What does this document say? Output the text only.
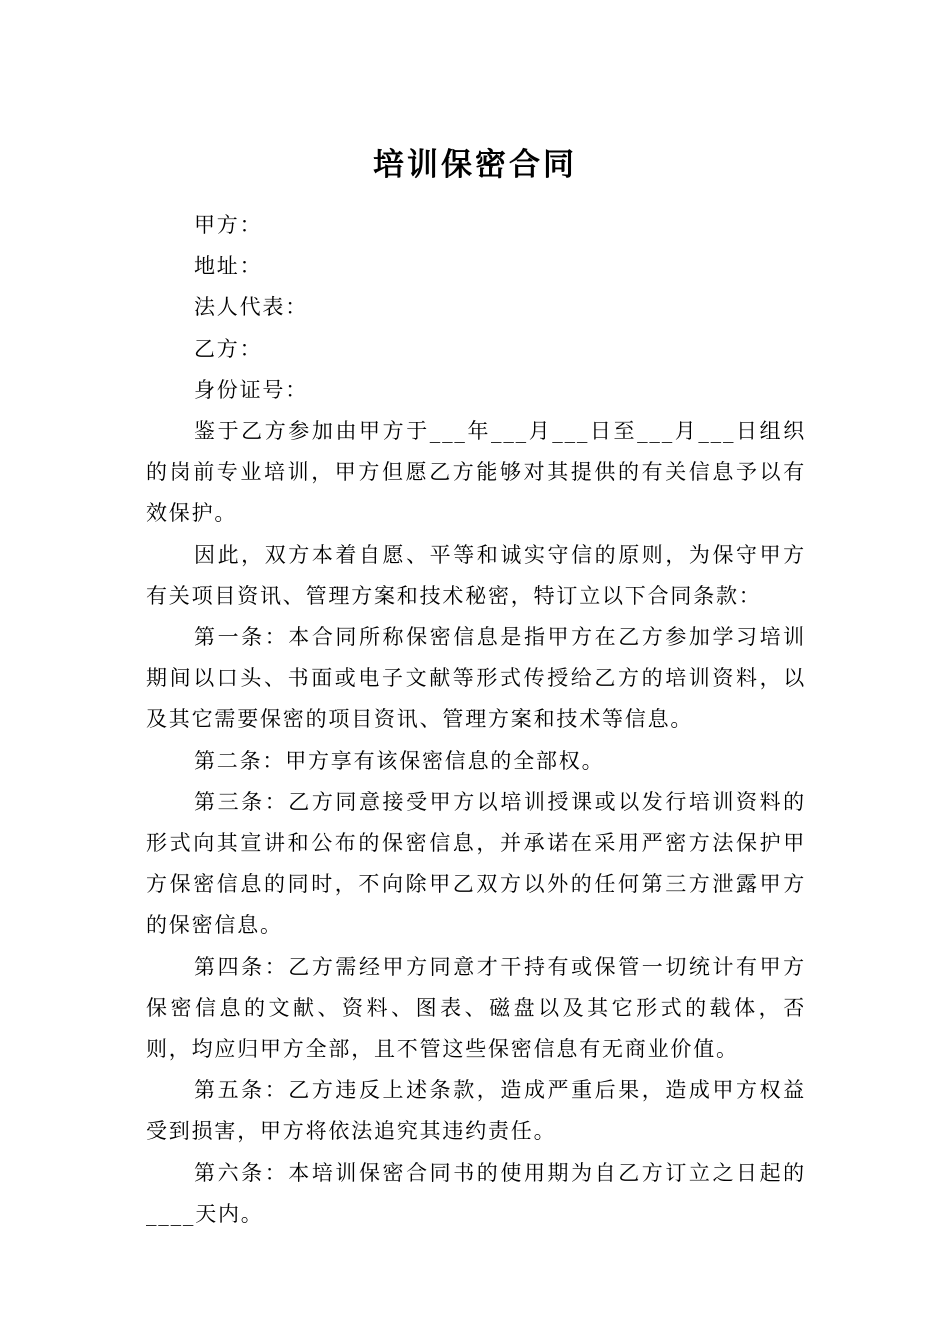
培训保密合同

甲方：

地址：

法人代表：

乙方：

身份证号：

鉴于乙方参加由甲方于___年___月___日至___月___日组织的岗前专业培训，甲方但愿乙方能够对其提供的有关信息予以有效保护。

因此，双方本着自愿、平等和诚实守信的原则，为保守甲方有关项目资讯、管理方案和技术秘密，特订立以下合同条款：

第一条：本合同所称保密信息是指甲方在乙方参加学习培训期间以口头、书面或电子文献等形式传授给乙方的培训资料，以及其它需要保密的项目资讯、管理方案和技术等信息。

第二条：甲方享有该保密信息的全部权。

第三条：乙方同意接受甲方以培训授课或以发行培训资料的形式向其宣讲和公布的保密信息，并承诺在采用严密方法保护甲方保密信息的同时，不向除甲乙双方以外的任何第三方泄露甲方的保密信息。

第四条：乙方需经甲方同意才干持有或保管一切统计有甲方保密信息的文献、资料、图表、磁盘以及其它形式的载体，否则，均应归甲方全部，且不管这些保密信息有无商业价值。

第五条：乙方违反上述条款，造成严重后果，造成甲方权益受到损害，甲方将依法追究其违约责任。

第六条：本培训保密合同书的使用期为自乙方订立之日起的____天内。
